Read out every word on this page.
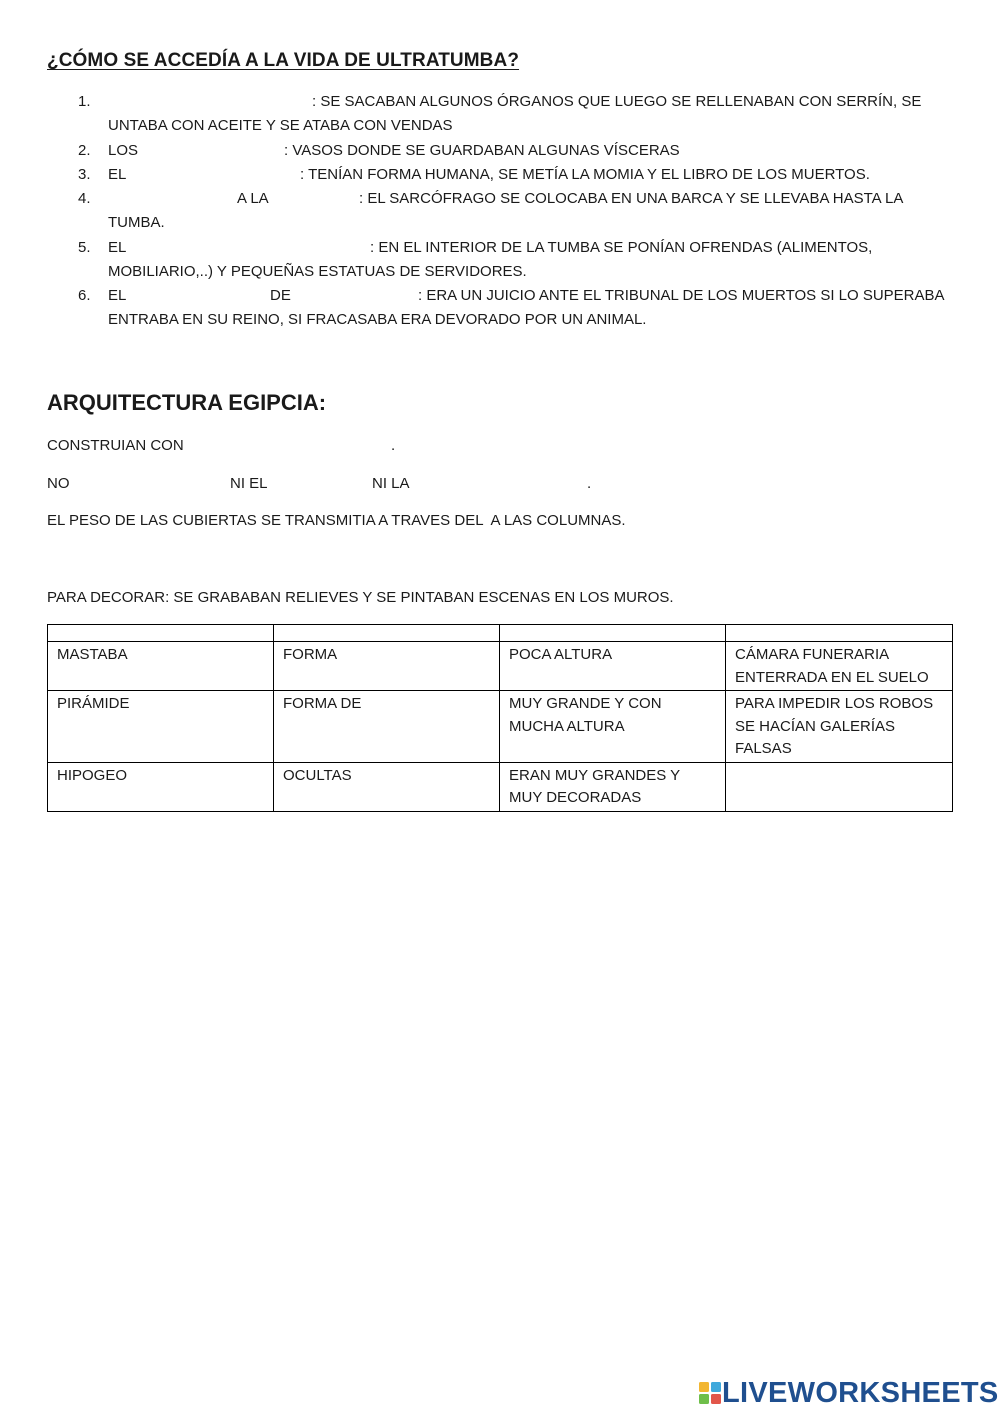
¿CÓMO SE ACCEDÍA A LA VIDA DE ULTRATUMBA?
1.	: SE SACABAN ALGUNOS ÓRGANOS QUE LUEGO SE RELLENABAN CON SERRÍN, SE
UNTABA CON ACEITE Y SE ATABA CON VENDAS
2. LOS	: VASOS DONDE SE GUARDABAN ALGUNAS VÍSCERAS
3. EL	: TENÍAN FORMA HUMANA, SE METÍA LA MOMIA Y EL LIBRO DE LOS MUERTOS.
4.	A LA	: EL SARCÓFRAGO SE COLOCABA EN UNA BARCA Y SE LLEVABA HASTA LA
TUMBA.
5. EL	: EN EL INTERIOR DE LA TUMBA SE PONÍAN OFRENDAS (ALIMENTOS,
MOBILIARIO,..) Y PEQUEÑAS ESTATUAS DE SERVIDORES.
6. EL	DE	: ERA UN JUICIO ANTE EL TRIBUNAL DE LOS MUERTOS SI LO SUPERABA
ENTRABA EN SU REINO, SI FRACASABA ERA DEVORADO POR UN ANIMAL.
ARQUITECTURA EGIPCIA:
CONSTRUIAN CON	.
NO	NI EL	NI LA	.
EL PESO DE LAS CUBIERTAS SE TRANSMITIA A TRAVES DEL  A LAS COLUMNAS.
PARA DECORAR: SE GRABABAN RELIEVES Y SE PINTABAN ESCENAS EN LOS MUROS.

MASTABA	FORMA	POCA ALTURA	CÁMARA FUNERARIA ENTERRADA EN EL SUELO
PIRÁMIDE	FORMA DE	MUY GRANDE Y CON MUCHA ALTURA	PARA IMPEDIR LOS ROBOS SE HACÍAN GALERÍAS FALSAS
HIPOGEO	OCULTAS	ERAN MUY GRANDES Y MUY DECORADAS	
LIVEWORKSHEETS
